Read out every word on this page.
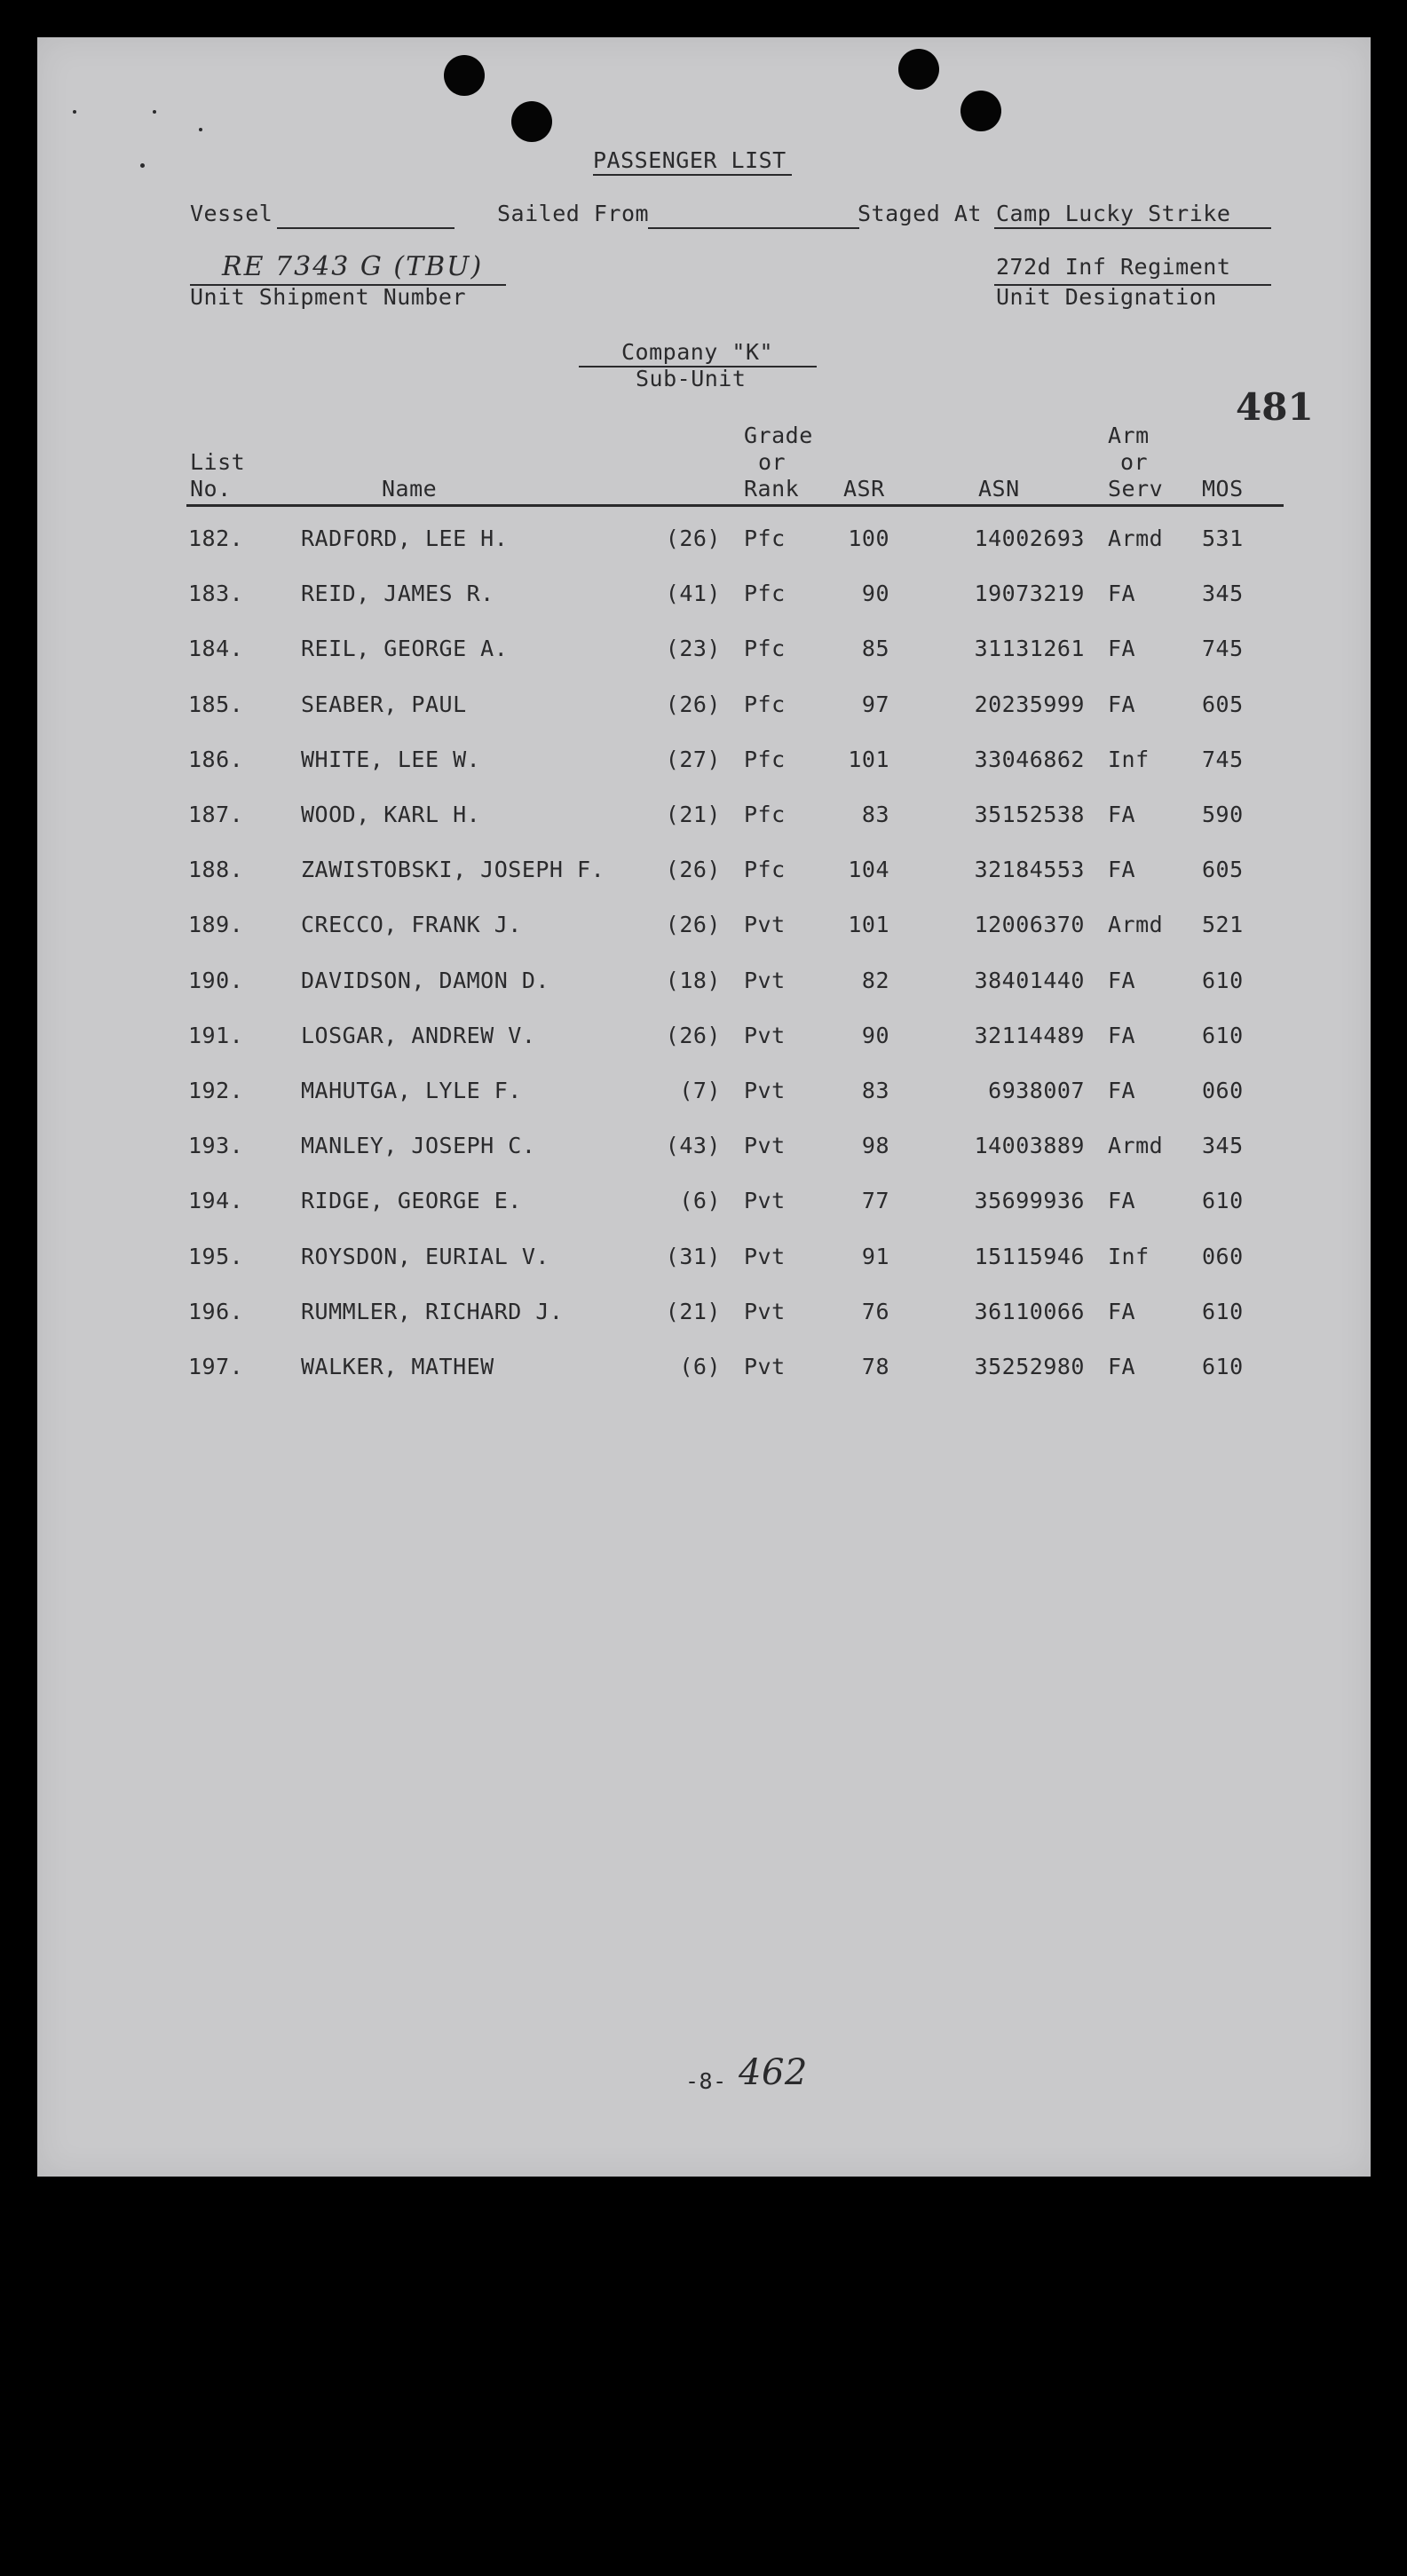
PASSENGER LIST
Vessel	Sailed From	Staged At Camp Lucky Strike
RE 7343 G (TBU)
Unit Shipment Number
272d Inf Regiment
Unit Designation
Company "K"
Sub-Unit
481
List
No.	Name
Grade
or
Rank ASR	ASN
Arm
or
Serv MOS
182.	RADFORD, LEE H.	(26) Pfc	100	14002693 Armd 531
183.	REID, JAMES R.	(41) Pfc	90	19073219 FA	345
184.	REIL, GEORGE A.	(23) Pfc	85	31131261 FA	745
185.	SEABER, PAUL	(26) Pfc	97	20235999 FA	605
186.	WHITE, LEE W.	(27) Pfc	101	33046862 Inf 745
187.	WOOD, KARL H.	(21) Pfc	83	35152538 FA	590
188.	ZAWISTOBSKI, JOSEPH F.	(26) Pfc	104	32184553 FA	605
189.	CRECCO, FRANK J.	(26) Pvt	101	12006370 Armd 521
190.	DAVIDSON, DAMON D.	(18) Pvt	82	38401440 FA	610
191.	LOSGAR, ANDREW V.	(26) Pvt	90	32114489 FA	610
192.	MAHUTGA, LYLE F.	(7) Pvt	83	6938007 FA	060
193.	MANLEY, JOSEPH C.	(43) Pvt	98	14003889 Armd 345
194.	RIDGE, GEORGE E.	(6) Pvt	77	35699936 FA	610
195.	ROYSDON, EURIAL V.	(31) Pvt	91	15115946 Inf 060
196.	RUMMLER, RICHARD J.	(21) Pvt	76	36110066 FA	610
197.	WALKER, MATHEW	(6) Pvt	78	35252980 FA	610
-8- 462
